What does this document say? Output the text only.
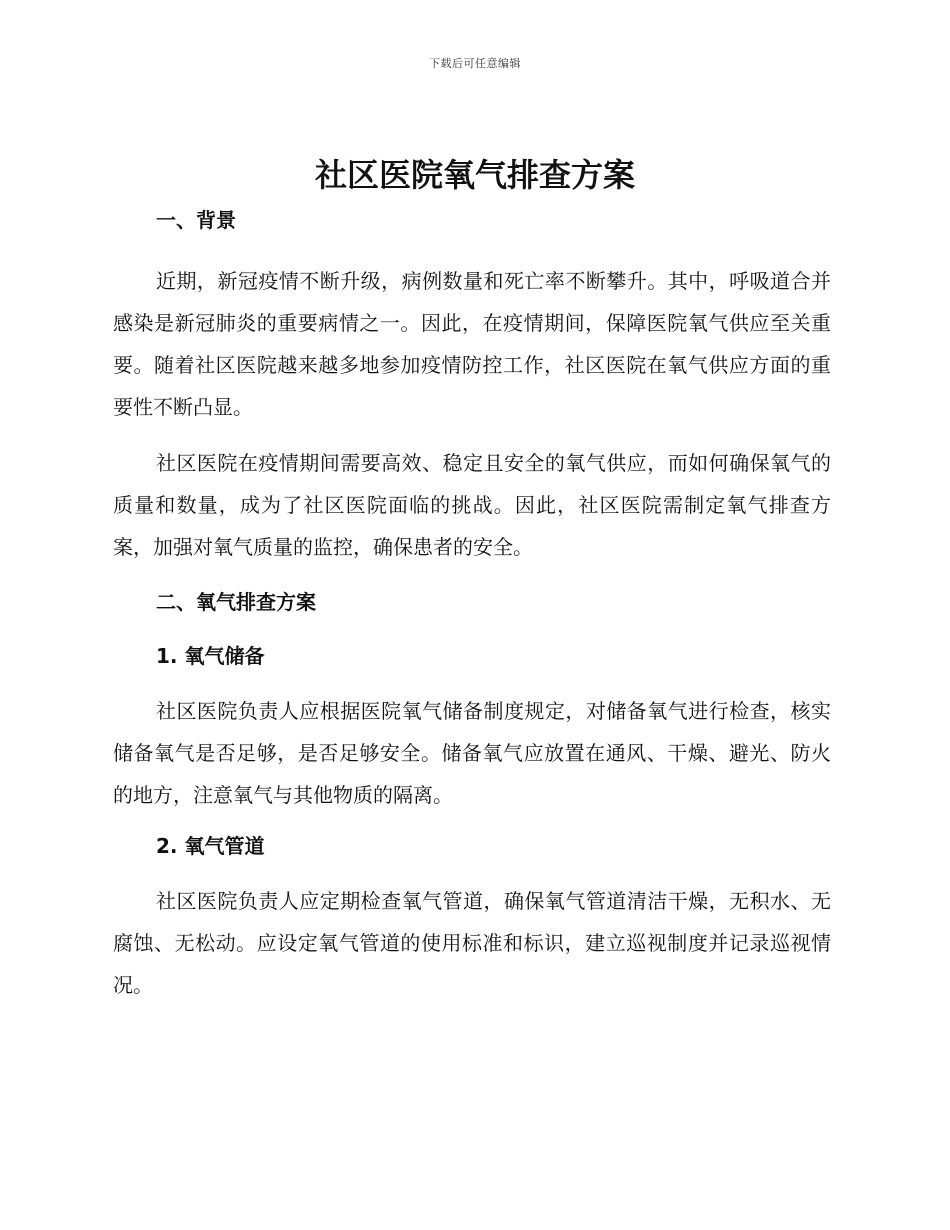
下载后可任意编辑
社区医院氧气排查方案
一、背景

近期，新冠疫情不断升级，病例数量和死亡率不断攀升。其中，呼吸道合并感染是新冠肺炎的重要病情之一。因此，在疫情期间，保障医院氧气供应至关重要。随着社区医院越来越多地参加疫情防控工作，社区医院在氧气供应方面的重要性不断凸显。

社区医院在疫情期间需要高效、稳定且安全的氧气供应，而如何确保氧气的质量和数量，成为了社区医院面临的挑战。因此，社区医院需制定氧气排查方案，加强对氧气质量的监控，确保患者的安全。

二、氧气排查方案
1. 氧气储备

社区医院负责人应根据医院氧气储备制度规定，对储备氧气进行检查，核实储备氧气是否足够，是否足够安全。储备氧气应放置在通风、干燥、避光、防火的地方，注意氧气与其他物质的隔离。

2. 氧气管道

社区医院负责人应定期检查氧气管道，确保氧气管道清洁干燥，无积水、无腐蚀、无松动。应设定氧气管道的使用标准和标识，建立巡视制度并记录巡视情况。
